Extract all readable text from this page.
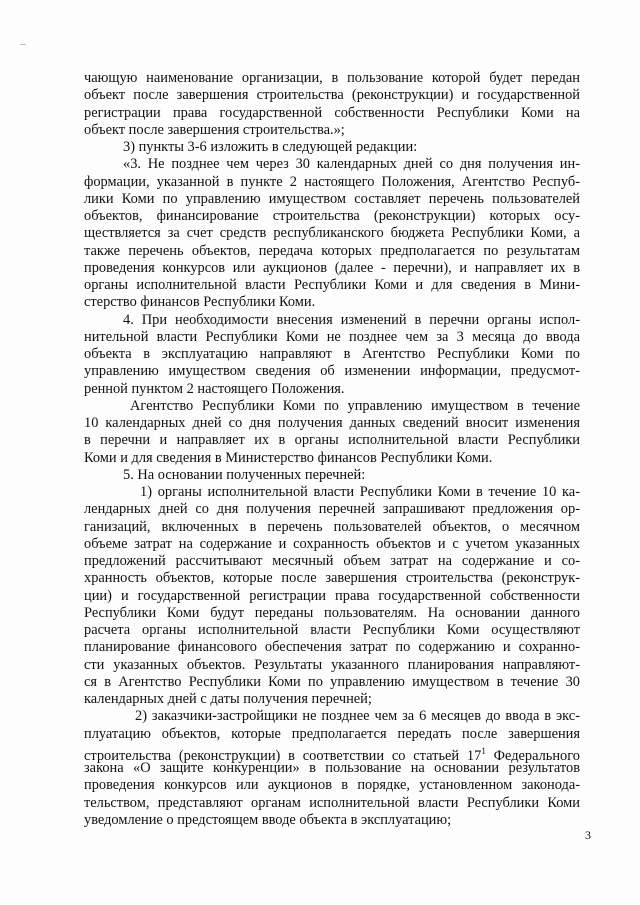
чающую наименование организации, в пользование которой будет передан
объект после завершения строительства (реконструкции) и государственной
регистрации права государственной собственности Республики Коми на
объект после завершения строительства.»;
3) пункты 3-6 изложить в следующей редакции:
«3. Не позднее чем через 30 календарных дней со дня получения ин-
формации, указанной в пункте 2 настоящего Положения, Агентство Респуб-
лики Коми по управлению имуществом составляет перечень пользователей
объектов, финансирование строительства (реконструкции) которых осу-
ществляется за счет средств республиканского бюджета Республики Коми, а
также перечень объектов, передача которых предполагается по результатам
проведения конкурсов или аукционов (далее - перечни), и направляет их в
органы исполнительной власти Республики Коми и для сведения в Мини-
стерство финансов Республики Коми.
4. При необходимости внесения изменений в перечни органы испол-
нительной власти Республики Коми не позднее чем за 3 месяца до ввода
объекта в эксплуатацию направляют в Агентство Республики Коми по
управлению имуществом сведения об изменении информации, предусмот-
ренной пунктом 2 настоящего Положения.
Агентство Республики Коми по управлению имуществом в течение
10 календарных дней со дня получения данных сведений вносит изменения
в перечни и направляет их в органы исполнительной власти Республики
Коми и для сведения в Министерство финансов Республики Коми.
5. На основании полученных перечней:
1) органы исполнительной власти Республики Коми в течение 10 ка-
лендарных дней со дня получения перечней запрашивают предложения ор-
ганизаций, включенных в перечень пользователей объектов, о месячном
объеме затрат на содержание и сохранность объектов и с учетом указанных
предложений рассчитывают месячный объем затрат на содержание и со-
хранность объектов, которые после завершения строительства (реконструк-
ции) и государственной регистрации права государственной собственности
Республики Коми будут переданы пользователям. На основании данного
расчета органы исполнительной власти Республики Коми осуществляют
планирование финансового обеспечения затрат по содержанию и сохранно-
сти указанных объектов. Результаты указанного планирования направляют-
ся в Агентство Республики Коми по управлению имуществом в течение 30
календарных дней с даты получения перечней;
2) заказчики-застройщики не позднее чем за 6 месяцев до ввода в экс-
плуатацию объектов, которые предполагается передать после завершения
строительства (реконструкции) в соответствии со статьей $17^1$ Федерального
закона «О защите конкуренции» в пользование на основании результатов
проведения конкурсов или аукционов в порядке, установленном законода-
тельством, представляют органам исполнительной власти Республики Коми
уведомление о предстоящем вводе объекта в эксплуатацию;
3
